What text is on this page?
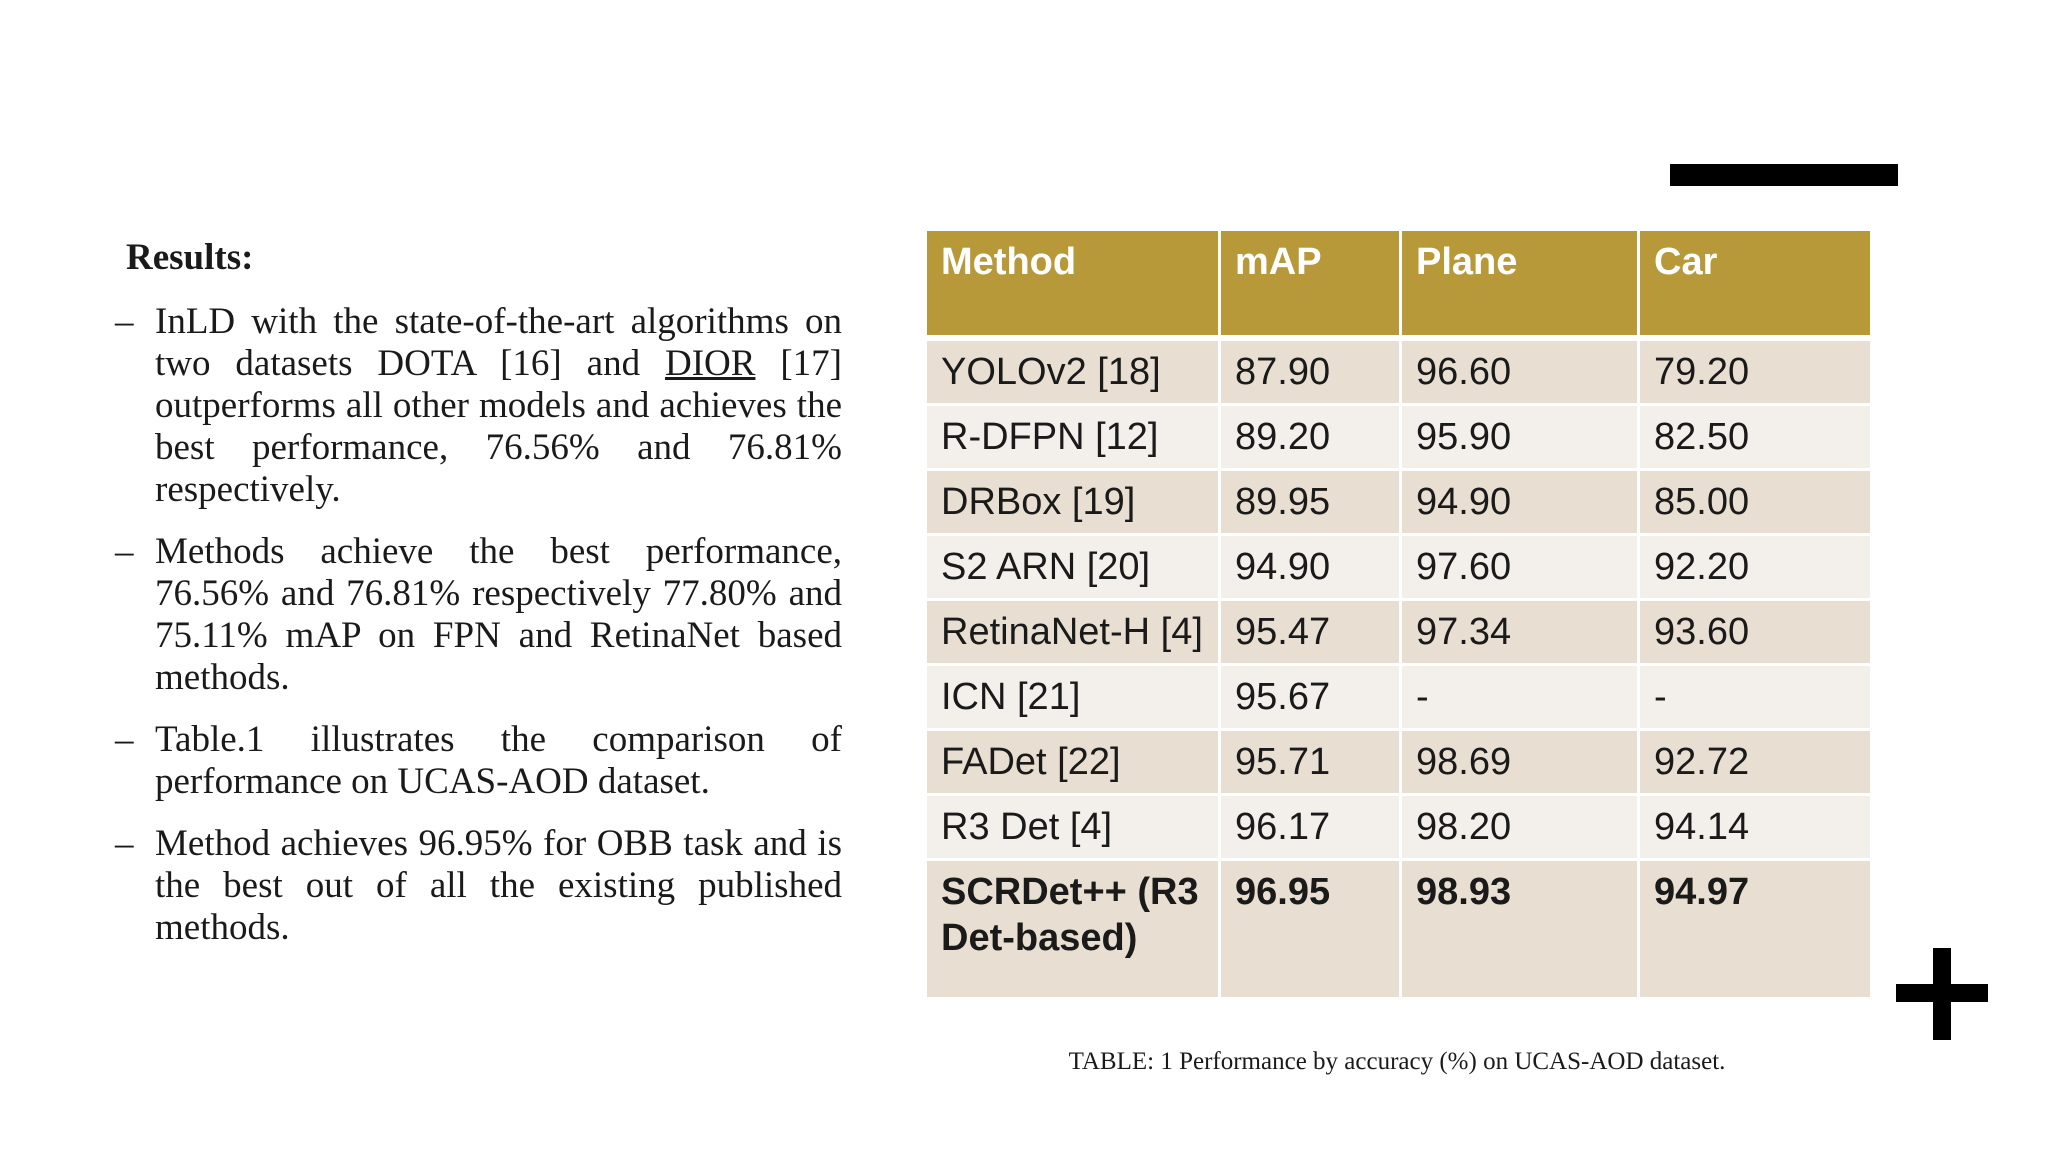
Results:
– InLD with the state-of-the-art algorithms on two datasets DOTA [16] and DIOR [17] outperforms all other models and achieves the best performance, 76.56% and 76.81% respectively.
– Methods achieve the best performance, 76.56% and 76.81% respectively 77.80% and 75.11% mAP on FPN and RetinaNet based methods.
– Table.1 illustrates the comparison of performance on UCAS-AOD dataset.
– Method achieves 96.95% for OBB task and is the best out of all the existing published methods.
Method	mAP	Plane	Car
YOLOv2 [18]	87.90	96.60	79.20
R-DFPN [12]	89.20	95.90	82.50
DRBox [19]	89.95	94.90	85.00
S2 ARN [20]	94.90	97.60	92.20
RetinaNet-H [4]	95.47	97.34	93.60
ICN [21]	95.67	-	-
FADet [22]	95.71	98.69	92.72
R3 Det [4]	96.17	98.20	94.14
SCRDet++ (R3 Det-based)	96.95	98.93	94.97
TABLE: 1 Performance by accuracy (%) on UCAS-AOD dataset.
